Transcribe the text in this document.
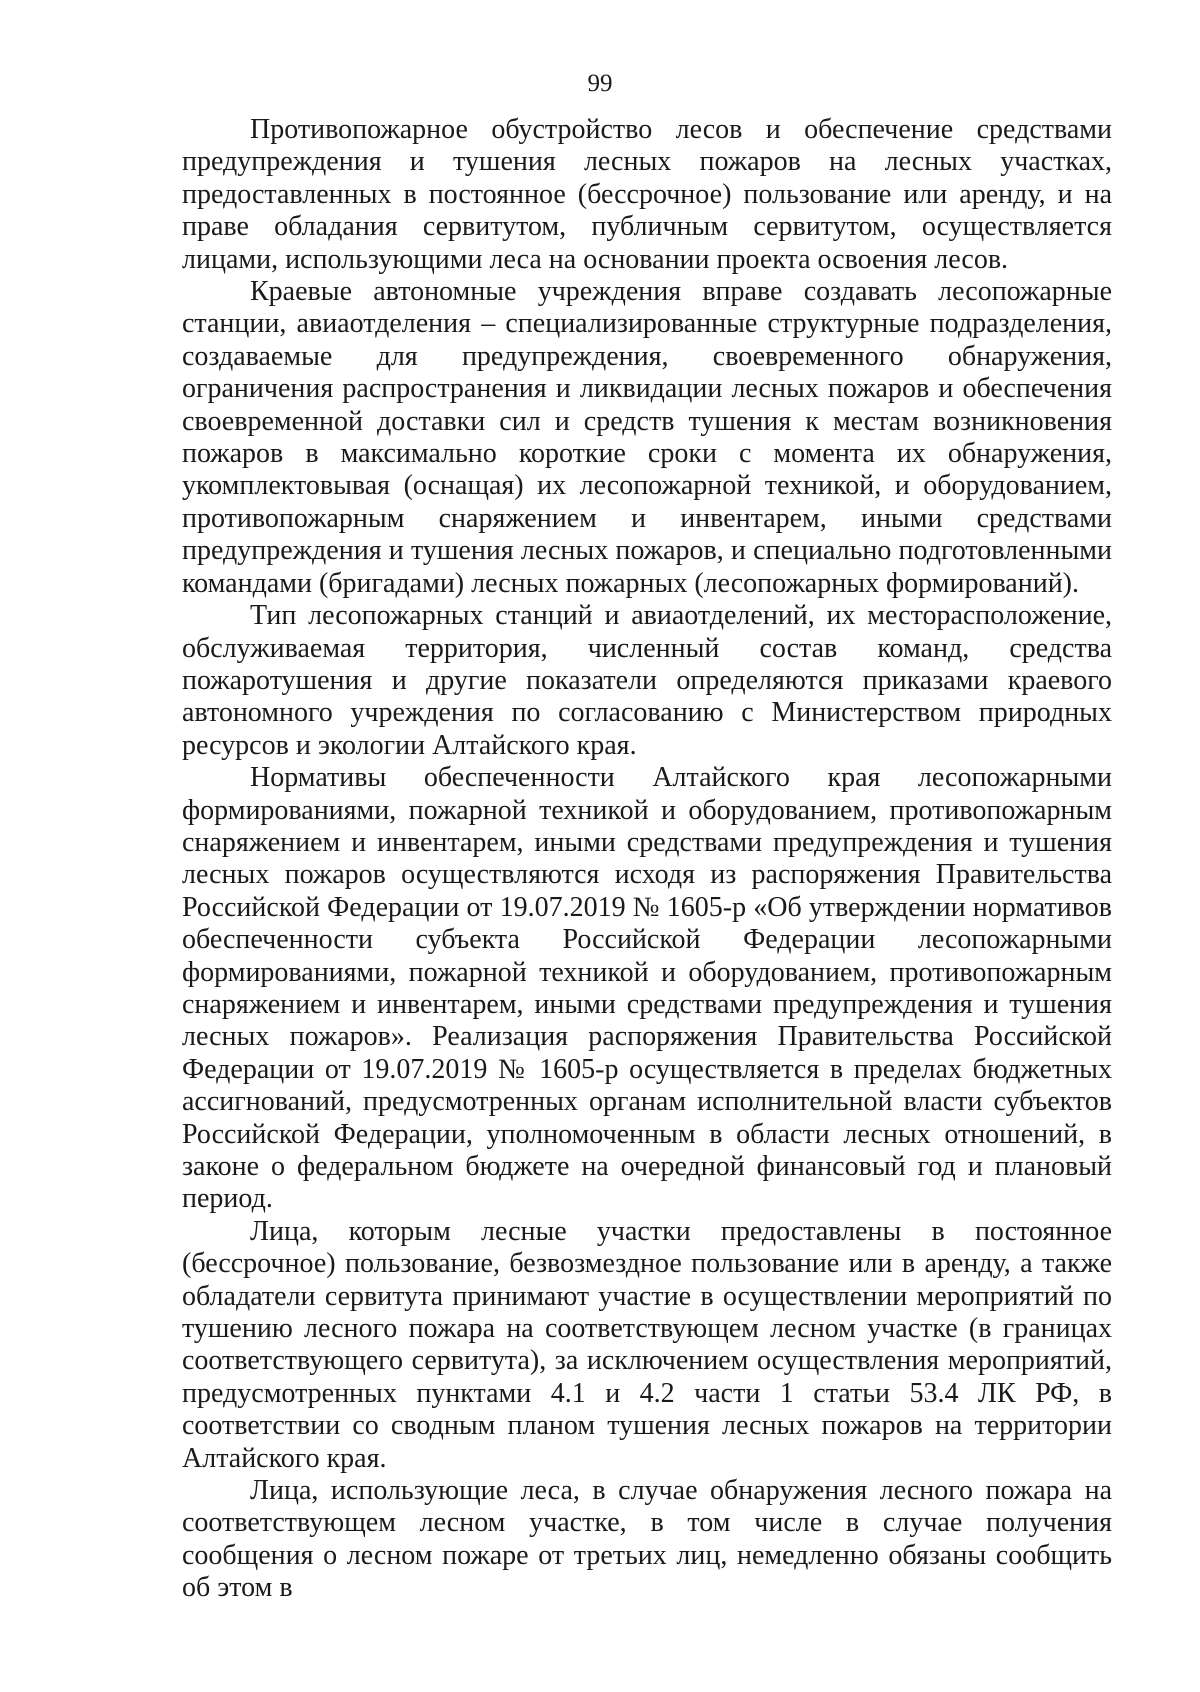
99

Противопожарное обустройство лесов и обеспечение средствами предупреждения и тушения лесных пожаров на лесных участках, предоставленных в постоянное (бессрочное) пользование или аренду, и на праве обладания сервитутом, публичным сервитутом, осуществляется лицами, использующими леса на основании проекта освоения лесов.

Краевые автономные учреждения вправе создавать лесопожарные станции, авиаотделения – специализированные структурные подразделения, создаваемые для предупреждения, своевременного обнаружения, ограничения распространения и ликвидации лесных пожаров и обеспечения своевременной доставки сил и средств тушения к местам возникновения пожаров в максимально короткие сроки с момента их обнаружения, укомплектовывая (оснащая) их лесопожарной техникой, и оборудованием, противопожарным снаряжением и инвентарем, иными средствами предупреждения и тушения лесных пожаров, и специально подготовленными командами (бригадами) лесных пожарных (лесопожарных формирований).

Тип лесопожарных станций и авиаотделений, их месторасположение, обслуживаемая территория, численный состав команд, средства пожаротушения и другие показатели определяются приказами краевого автономного учреждения по согласованию с Министерством природных ресурсов и экологии Алтайского края.

Нормативы обеспеченности Алтайского края лесопожарными формированиями, пожарной техникой и оборудованием, противопожарным снаряжением и инвентарем, иными средствами предупреждения и тушения лесных пожаров осуществляются исходя из распоряжения Правительства Российской Федерации от 19.07.2019 № 1605-р «Об утверждении нормативов обеспеченности субъекта Российской Федерации лесопожарными формированиями, пожарной техникой и оборудованием, противопожарным снаряжением и инвентарем, иными средствами предупреждения и тушения лесных пожаров». Реализация распоряжения Правительства Российской Федерации от 19.07.2019 № 1605-р осуществляется в пределах бюджетных ассигнований, предусмотренных органам исполнительной власти субъектов Российской Федерации, уполномоченным в области лесных отношений, в законе о федеральном бюджете на очередной финансовый год и плановый период.

Лица, которым лесные участки предоставлены в постоянное (бессрочное) пользование, безвозмездное пользование или в аренду, а также обладатели сервитута принимают участие в осуществлении мероприятий по тушению лесного пожара на соответствующем лесном участке (в границах соответствующего сервитута), за исключением осуществления мероприятий, предусмотренных пунктами 4.1 и 4.2 части 1 статьи 53.4 ЛК РФ, в соответствии со сводным планом тушения лесных пожаров на территории Алтайского края.

Лица, использующие леса, в случае обнаружения лесного пожара на соответствующем лесном участке, в том числе в случае получения сообщения о лесном пожаре от третьих лиц, немедленно обязаны сообщить об этом в
